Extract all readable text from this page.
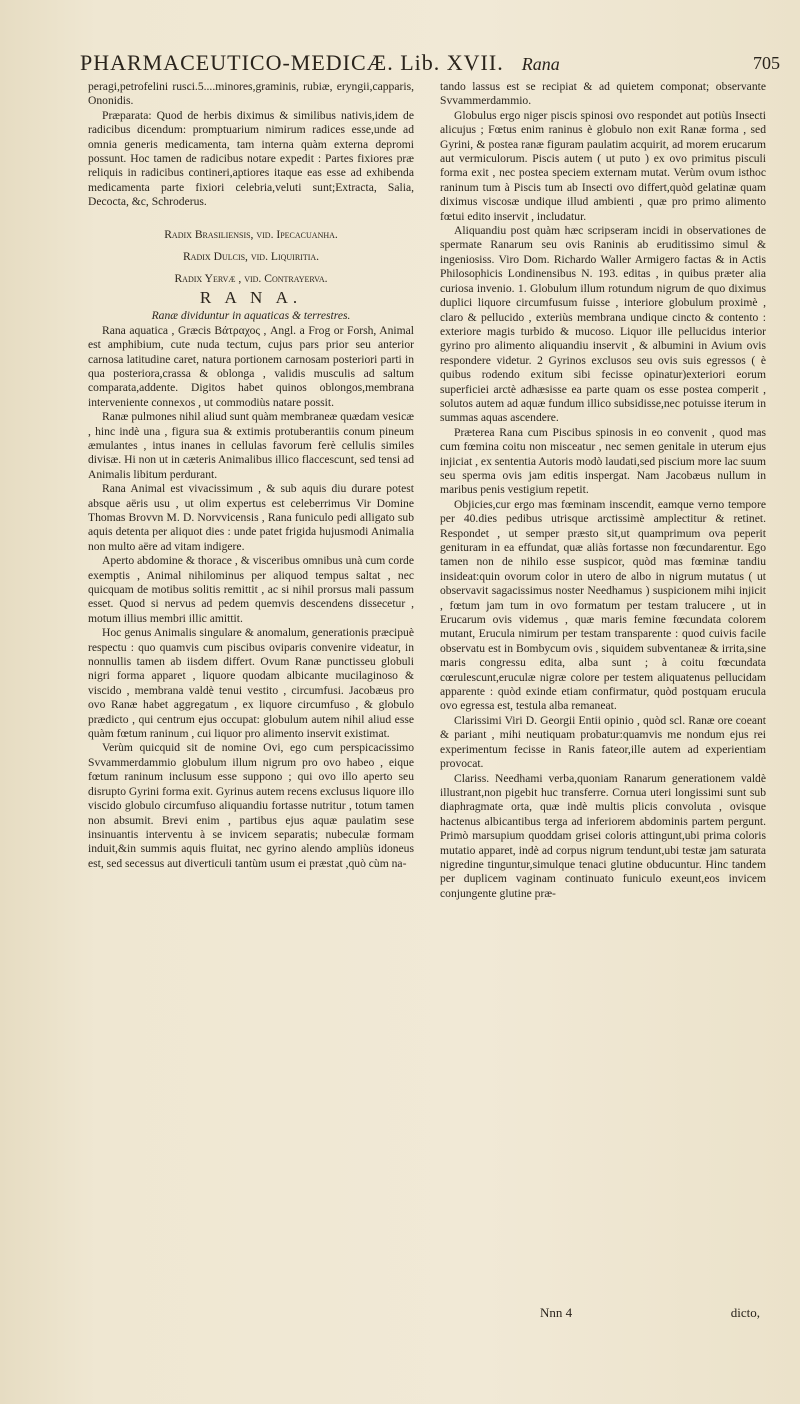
PHARMACEUTICO-MEDICÆ. Lib. XVII. Rana	705

peragi,petrofelini rusci.5....minores,graminis, rubiæ, eryngii,capparis, Ononidis.

Præparata: Quod de herbis diximus & similibus nativis,idem de radicibus dicendum: promptuarium nimirum radices esse,unde ad omnia generis medicamenta, tam interna quàm externa depromi possunt. Hoc tamen de radicibus notare expedit : Partes fixiores præ reliquis in radicibus contineri,aptiores itaque eas esse ad exhibenda medicamenta parte fixiori celebria,veluti sunt;Extracta, Salia, Decocta, &c, Schroderus.

Radix Brasiliensis, vid. Ipecacuanha.

Radix Dulcis, vid. Liquiritia.

Radix Yervæ , vid. Contrayerva.

R A N A.

Ranæ dividuntur in aquaticas & terrestres.

Rana aquatica , Græcis Βάτραχος , Angl. a Frog or Forsh, Animal est amphibium, cute nuda tectum, cujus pars prior seu anterior carnosa latitudine caret, natura portionem carnosam posteriori parti in qua posteriora,crassa & oblonga , validis musculis ad saltum comparata,addente. Digitos habet quinos oblongos,membrana interveniente connexos , ut commodiùs natare possit.

Ranæ pulmones nihil aliud sunt quàm membraneæ quædam vesicæ , hinc indè una , figura sua & extimis protuberantiis conum pineum æmulantes , intus inanes in cellulas favorum ferè cellulis similes divisæ. Hi non ut in cæteris Animalibus illico flaccescunt, sed tensi ad Animalis libitum perdurant.

Rana Animal est vivacissimum , & sub aquis diu durare potest absque aëris usu , ut olim expertus est celeberrimus Vir Domine Thomas Brovvn M. D. Norvvicensis , Rana funiculo pedi alligato sub aquis detenta per aliquot dies : unde patet frigida hujusmodi Animalia non multo aëre ad vitam indigere.

Aperto abdomine & thorace , & visceribus omnibus unà cum corde exemptis , Animal nihilominus per aliquod tempus saltat , nec quicquam de motibus solitis remittit , ac si nihil prorsus mali passum esset. Quod si nervus ad pedem quemvis descendens dissecetur , motum illius membri illic amittit.

Hoc genus Animalis singulare & anomalum, generationis præcipuè respectu : quo quamvis cum piscibus oviparis convenire videatur, in nonnullis tamen ab iisdem differt. Ovum Ranæ punctisseu globuli nigri forma apparet , liquore quodam albicante mucilaginoso & viscido , membrana valdè tenui vestito , circumfusi. Jacobæus pro ovo Ranæ habet aggregatum , ex liquore circumfuso , & globulo prædicto , qui centrum ejus occupat: globulum autem nihil aliud esse quàm fœtum raninum , cui liquor pro alimento inservit existimat.

Verùm quicquid sit de nomine Ovi, ego cum perspicacissimo Svvammerdammio globulum illum nigrum pro ovo habeo , eique fœtum raninum inclusum esse suppono ; qui ovo illo aperto seu disrupto Gyrini forma exit. Gyrinus autem recens exclusus liquore illo viscido globulo circumfuso aliquandiu fortasse nutritur , totum tamen non absumit. Brevi enim , partibus ejus aquæ paulatim sese insinuantis interventu à se invicem separatis; nubeculæ formam induit,&in summis aquis fluitat, nec gyrino alendo ampliùs idoneus est, sed secessus aut diverticuli tantùm usum ei præstat ,quò cùm na-

tando lassus est se recipiat & ad quietem componat; observante Svvammerdammio.

Globulus ergo niger piscis spinosi ovo respondet aut potiùs Insecti alicujus ; Fœtus enim raninus è globulo non exit Ranæ forma , sed Gyrini, & postea ranæ figuram paulatim acquirit, ad morem erucarum aut vermiculorum. Piscis autem ( ut puto ) ex ovo primitus pisculi forma exit , nec postea speciem externam mutat. Verùm ovum isthoc raninum tum à Piscis tum ab Insecti ovo differt,quòd gelatinæ quam diximus viscosæ undique illud ambienti , quæ pro primo alimento fœtui edito inservit , includatur.

Aliquandiu post quàm hæc scripseram incidi in observationes de spermate Ranarum seu ovis Raninis ab eruditissimo simul & ingeniosiss. Viro Dom. Richardo Waller Armigero factas & in Actis Philosophicis Londinensibus N. 193. editas , in quibus præter alia curiosa invenio. 1. Globulum illum rotundum nigrum de quo diximus duplici liquore circumfusum fuisse , interiore globulum proximè , claro & pellucido , exteriùs membrana undique cincto & contento : exteriore magis turbido & mucoso. Liquor ille pellucidus interior gyrino pro alimento aliquandiu inservit , & albumini in Avium ovis respondere videtur. 2 Gyrinos exclusos seu ovis suis egressos ( è quibus rodendo exitum sibi fecisse opinatur)exteriori eorum superficiei arctè adhæsisse ea parte quam os esse postea comperit , solutos autem ad aquæ fundum illico subsidisse,nec potuisse iterum in summas aquas ascendere.

Præterea Rana cum Piscibus spinosis in eo convenit , quod mas cum fœmina coitu non misceatur , nec semen genitale in uterum ejus injiciat , ex sententia Autoris modò laudati,sed piscium more lac suum seu sperma ovis jam editis inspergat. Nam Jacobæus nullum in maribus penis vestigium repetit.

Objicies,cur ergo mas fœminam inscendit, eamque verno tempore per 40.dies pedibus utrisque arctissimè amplectitur & retinet. Respondet , ut semper præsto sit,ut quamprimum ova peperit genituram in ea effundat, quæ aliàs fortasse non fœcundarentur. Ego tamen non de nihilo esse suspicor, quòd mas fœminæ tandiu insideat:quin ovorum color in utero de albo in nigrum mutatus ( ut observavit sagacissimus noster Needhamus ) suspicionem mihi injicit , fœtum jam tum in ovo formatum per testam tralucere , ut in Erucarum ovis videmus , quæ maris femine fœcundata colorem mutant, Erucula nimirum per testam transparente : quod cuivis facile observatu est in Bombycum ovis , siquidem subventaneæ & irrita,sine maris congressu edita, alba sunt ; à coitu fœcundata cœrulescunt,eruculæ nigræ colore per testem aliquatenus pellucidam apparente : quòd exinde etiam confirmatur, quòd postquam erucula ovo egressa est, testula alba remaneat.

Clarissimi Viri D. Georgii Entii opinio , quòd scl. Ranæ ore coeant & pariant , mihi neutiquam probatur:quamvis me nondum ejus rei experimentum fecisse in Ranis fateor,ille autem ad experientiam provocat.

Clariss. Needhami verba,quoniam Ranarum generationem valdè illustrant,non pigebit huc transferre. Cornua uteri longissimi sunt sub diaphragmate orta, quæ indè multis plicis convoluta , ovisque hactenus albicantibus terga ad inferiorem abdominis partem pergunt. Primò marsupium quoddam grisei coloris attingunt,ubi prima coloris mutatio apparet, indè ad corpus nigrum tendunt,ubi testæ jam saturata nigredine tinguntur,simulque tenaci glutine obducuntur. Hinc tandem per duplicem vaginam continuato funiculo exeunt,eos invicem conjungente glutine præ-

Nnn 4	dicto,
